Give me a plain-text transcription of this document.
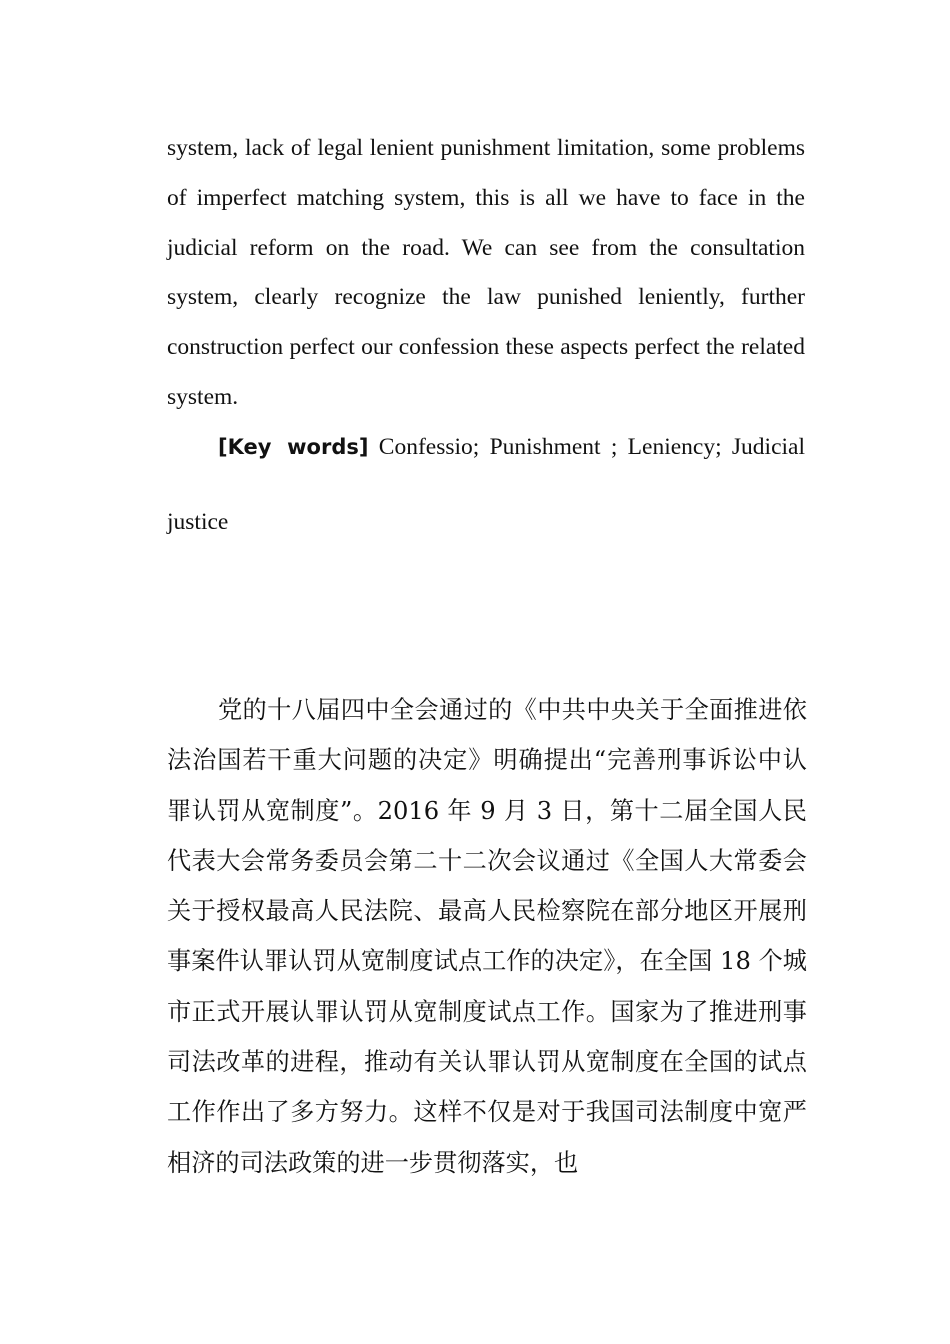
system, lack of legal lenient punishment limitation, some problems of imperfect matching system, this is all we have to face in the judicial reform on the road. We can see from the consultation system, clearly recognize the law punished leniently, further construction perfect our confession these aspects perfect the related system.

[Key words] Confessio; Punishment ; Leniency; Judicial

justice

党的十八届四中全会通过的《中共中央关于全面推进依法治国若干重大问题的决定》明确提出“完善刑事诉讼中认罪认罚从宽制度”。2016 年 9 月 3 日，第十二届全国人民代表大会常务委员会第二十二次会议通过《全国人大常委会关于授权最高人民法院、最高人民检察院在部分地区开展刑事案件认罪认罚从宽制度试点工作的决定》，在全国 18 个城市正式开展认罪认罚从宽制度试点工作。国家为了推进刑事司法改革的进程，推动有关认罪认罚从宽制度在全国的试点工作作出了多方努力。这样不仅是对于我国司法制度中宽严相济的司法政策的进一步贯彻落实，也
